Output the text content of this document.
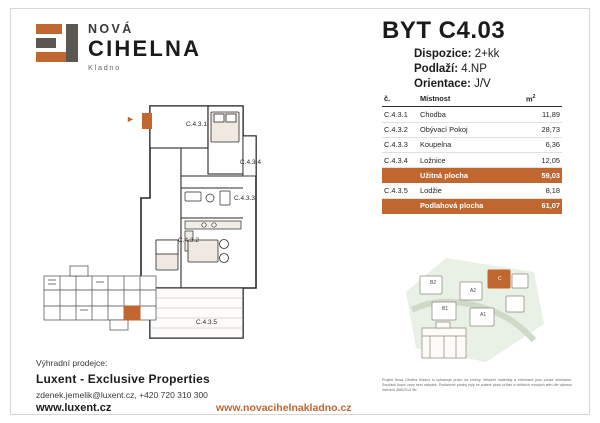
NOVÁ
CIHELNA
Kladno
BYT C4.03
Dispozice: 2+kk
Podlaží: 4.NP
Orientace: J/V
č.	Místnost	$m^2$
C.4.3.1	Chodba	11,89
C.4.3.2	Obývací Pokoj	28,73
C.4.3.3	Koupelna	6,36
C.4.3.4	Ložnice	12,05
	Užitná plocha	59,03
C.4.3.5	Lodžie	8,18
	Podlahová plocha	61,07
►
C.4.3.1
C.4.3.4
C.4.3.3
C.4.3.2
C.4.3.5
B2
B1
A2
A1
C
Výhradní prodejce:
Luxent - Exclusive Properties
zdenek.jemelik@luxent.cz, +420 720 310 300
www.luxent.cz	www.novacihelnakladno.cz
Projekt Nová Cihelna Kladno si vyhrazuje právo na změny. Veškeré materiály a informace jsou pouze orientační. Součástí kupní ceny není nábytek. Podlahové plochy byly ze vňatné ploch příček a vnitřních nosných stěn dle výkresu nařízení 366/2013 Sb.
